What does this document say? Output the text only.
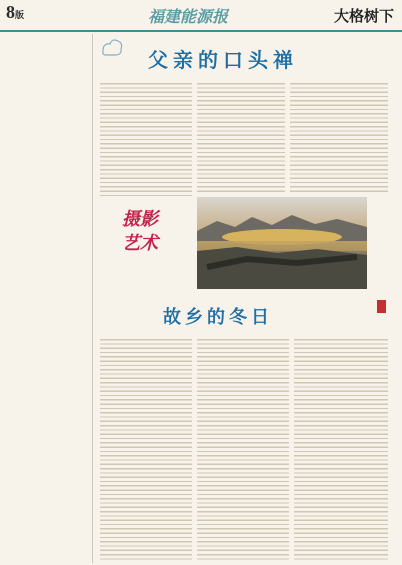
8版	福建能源报	大格树下
父亲的口头禅
摄影艺术
故乡的冬日
